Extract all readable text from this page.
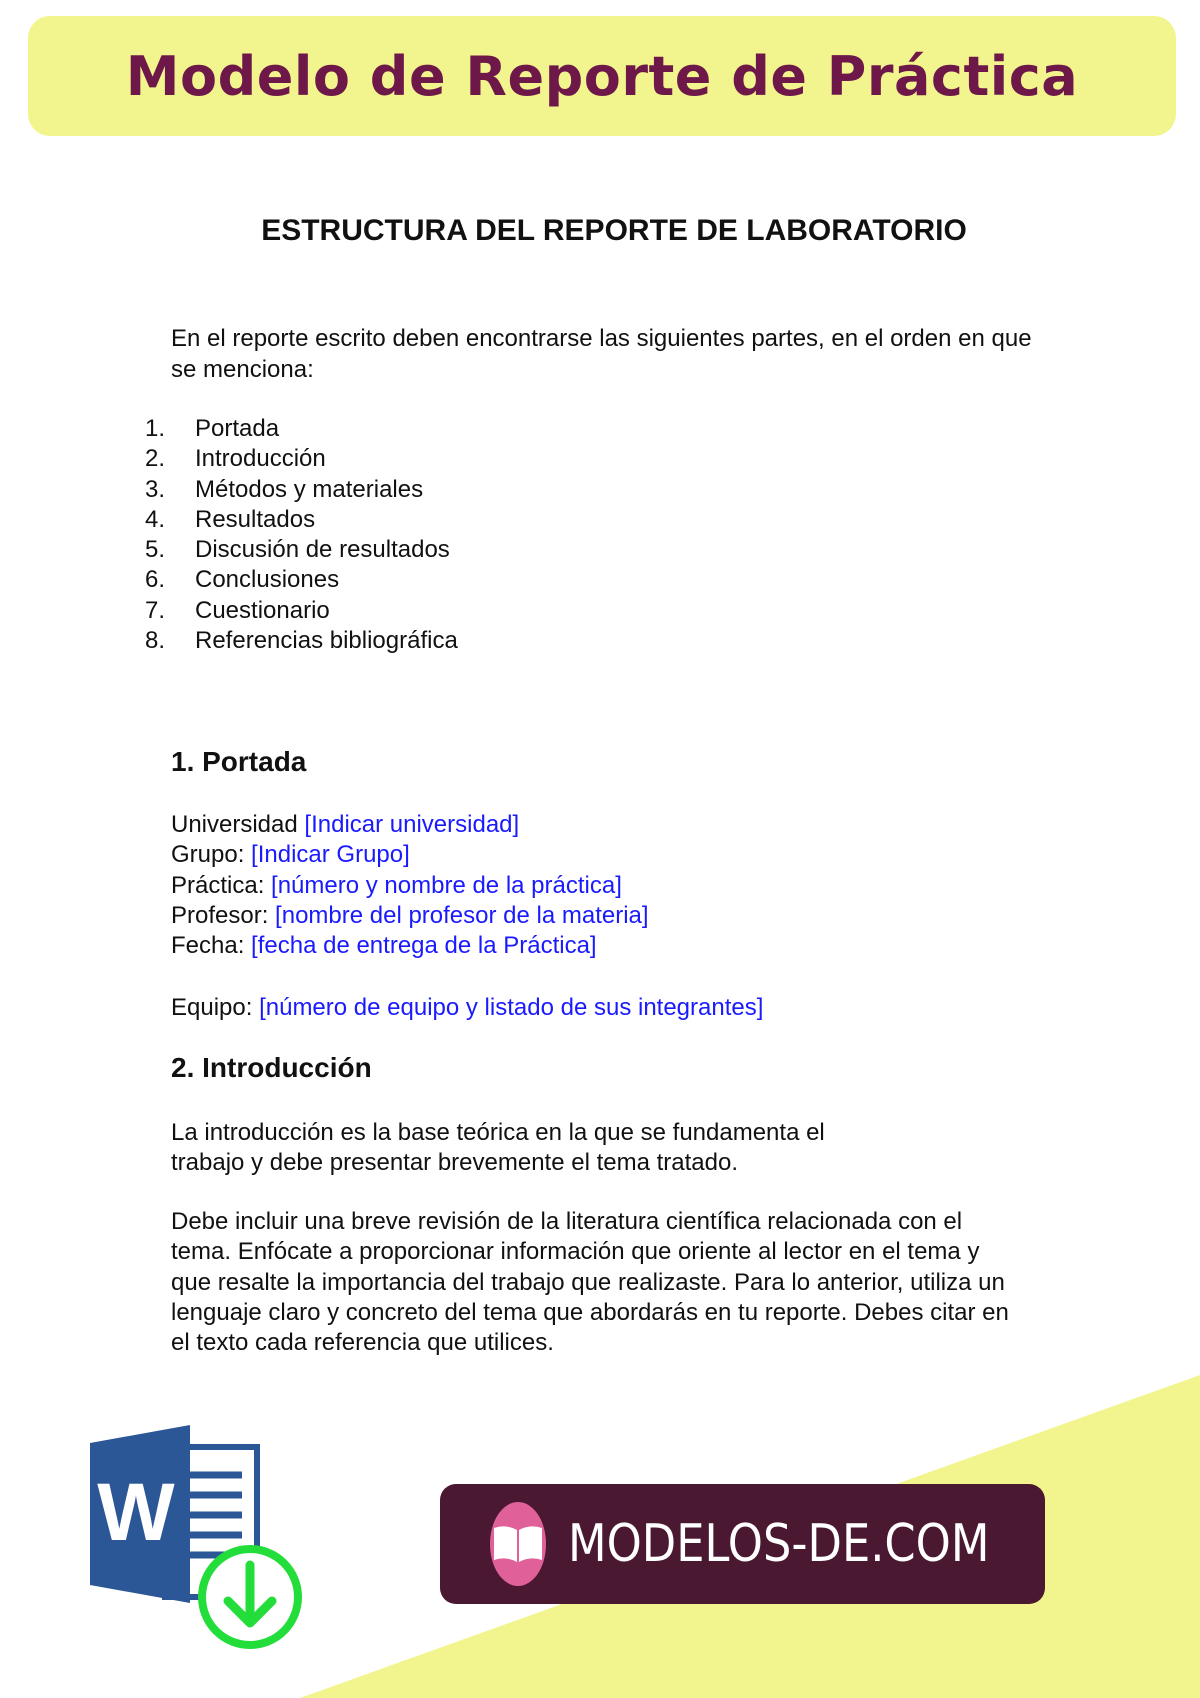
Modelo de Reporte de Práctica
ESTRUCTURA DEL REPORTE DE LABORATORIO
En el reporte escrito deben encontrarse las siguientes partes, en el orden en que se menciona:
1.	Portada
2.	Introducción
3.	Métodos y materiales
4.	Resultados
5.	Discusión de resultados
6.	Conclusiones
7.	Cuestionario
8.	Referencias bibliográfica
1. Portada
Universidad [Indicar universidad]
Grupo: [Indicar Grupo]
Práctica: [número y nombre de la práctica]
Profesor: [nombre del profesor de la materia]
Fecha: [fecha de entrega de la Práctica]
Equipo: [número de equipo y listado de sus integrantes]
2. Introducción
La introducción es la base teórica en la que se fundamenta el trabajo y debe presentar brevemente el tema tratado.
Debe incluir una breve revisión de la literatura científica relacionada con el tema. Enfócate a proporcionar información que oriente al lector en el tema y que resalte la importancia del trabajo que realizaste. Para lo anterior, utiliza un lenguaje claro y concreto del tema que abordarás en tu reporte. Debes citar en el texto cada referencia que utilices.
W	MODELOS-DE.COM
